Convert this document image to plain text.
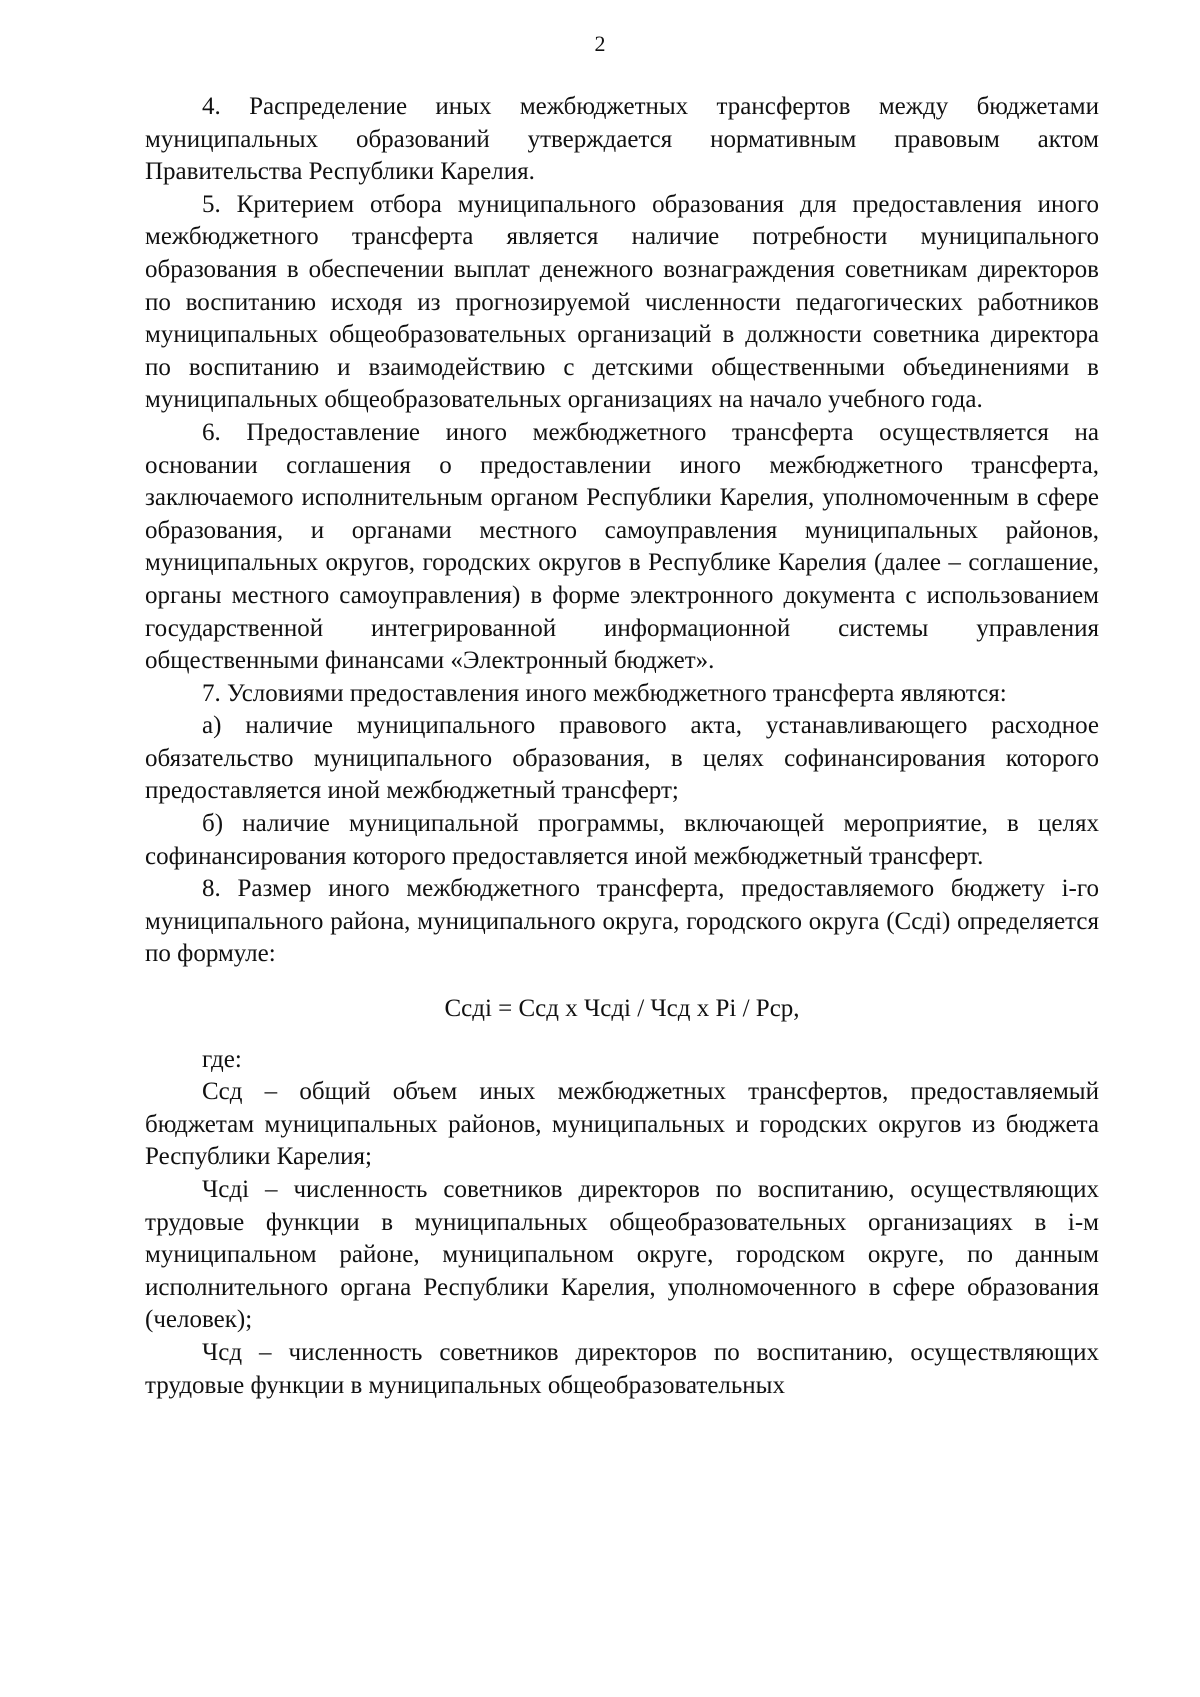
2

4. Распределение иных межбюджетных трансфертов между бюджетами муниципальных образований утверждается нормативным правовым актом Правительства Республики Карелия.

5. Критерием отбора муниципального образования для предоставления иного межбюджетного трансферта является наличие потребности муниципального образования в обеспечении выплат денежного вознаграждения советникам директоров по воспитанию исходя из прогнозируемой численности педагогических работников муниципальных общеобразовательных организаций в должности советника директора по воспитанию и взаимодействию с детскими общественными объединениями в муниципальных общеобразовательных организациях на начало учебного года.

6. Предоставление иного межбюджетного трансферта осуществляется на основании соглашения о предоставлении иного межбюджетного трансферта, заключаемого исполнительным органом Республики Карелия, уполномоченным в сфере образования, и органами местного самоуправления муниципальных районов, муниципальных округов, городских округов в Республике Карелия (далее – соглашение, органы местного самоуправления) в форме электронного документа с использованием государственной интегрированной информационной системы управления общественными финансами «Электронный бюджет».

7. Условиями предоставления иного межбюджетного трансферта являются:

а) наличие муниципального правового акта, устанавливающего расходное обязательство муниципального образования, в целях софинансирования которого предоставляется иной межбюджетный трансферт;

б) наличие муниципальной программы, включающей мероприятие, в целях софинансирования которого предоставляется иной межбюджетный трансферт.

8. Размер иного межбюджетного трансферта, предоставляемого бюджету i-го муниципального района, муниципального округа, городского округа (Ccдi) определяется по формуле:

Ccдi = Ccд х Чсдi / Чсд х Pi / Рср,

где:

Ccд – общий объем иных межбюджетных трансфертов, предоставляемый бюджетам муниципальных районов, муниципальных и городских округов из бюджета Республики Карелия;

Чсдi – численность советников директоров по воспитанию, осуществляющих трудовые функции в муниципальных общеобразовательных организациях в i-м муниципальном районе, муниципальном округе, городском округе, по данным исполнительного органа Республики Карелия, уполномоченного в сфере образования (человек);

Чсд – численность советников директоров по воспитанию, осуществляющих трудовые функции в муниципальных общеобразовательных
